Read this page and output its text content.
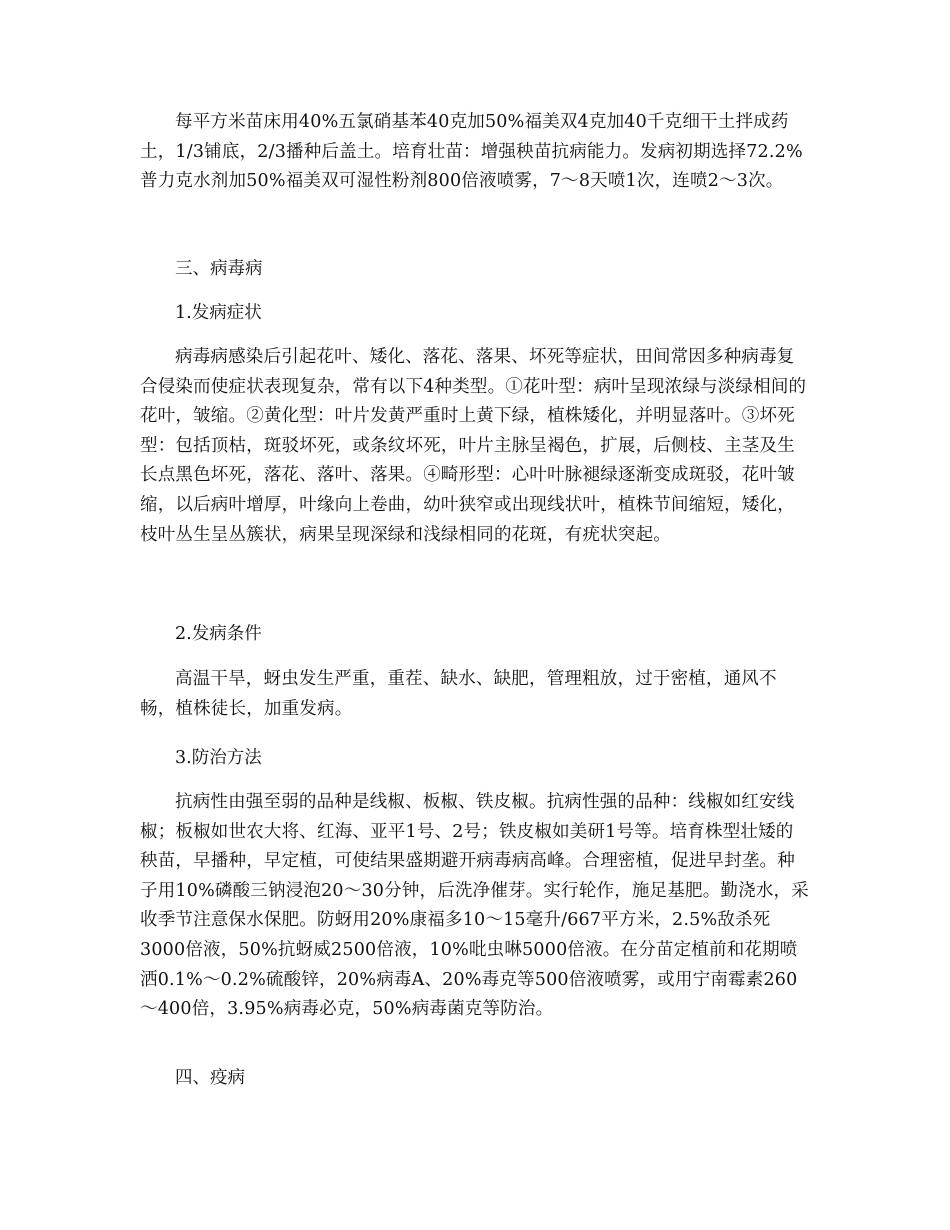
每平方米苗床用40%五氯硝基苯40克加50%福美双4克加40千克细干土拌成药土，1/3铺底，2/3播种后盖土。培育壮苗：增强秧苗抗病能力。发病初期选择72.2%普力克水剂加50%福美双可湿性粉剂800倍液喷雾，7～8天喷1次，连喷2～3次。
三、病毒病
1.发病症状
病毒病感染后引起花叶、矮化、落花、落果、坏死等症状，田间常因多种病毒复合侵染而使症状表现复杂，常有以下4种类型。①花叶型：病叶呈现浓绿与淡绿相间的花叶，皱缩。②黄化型：叶片发黄严重时上黄下绿，植株矮化，并明显落叶。③坏死型：包括顶枯，斑驳坏死，或条纹坏死，叶片主脉呈褐色，扩展，后侧枝、主茎及生长点黑色坏死，落花、落叶、落果。④畸形型：心叶叶脉褪绿逐渐变成斑驳，花叶皱缩，以后病叶增厚，叶缘向上卷曲，幼叶狭窄或出现线状叶，植株节间缩短，矮化，枝叶丛生呈丛簇状，病果呈现深绿和浅绿相同的花斑，有疣状突起。
2.发病条件
高温干旱，蚜虫发生严重，重茬、缺水、缺肥，管理粗放，过于密植，通风不畅，植株徒长，加重发病。
3.防治方法
抗病性由强至弱的品种是线椒、板椒、铁皮椒。抗病性强的品种：线椒如红安线椒；板椒如世农大将、红海、亚平1号、2号；铁皮椒如美研1号等。培育株型壮矮的秧苗，早播种，早定植，可使结果盛期避开病毒病高峰。合理密植，促进早封垄。种子用10%磷酸三钠浸泡20～30分钟，后洗净催芽。实行轮作，施足基肥。勤浇水，采收季节注意保水保肥。防蚜用20%康福多10～15毫升/667平方米，2.5%敌杀死3000倍液，50%抗蚜威2500倍液，10%吡虫啉5000倍液。在分苗定植前和花期喷洒0.1%～0.2%硫酸锌，20%病毒A、20%毒克等500倍液喷雾，或用宁南霉素260～400倍，3.95%病毒必克，50%病毒菌克等防治。
四、疫病
